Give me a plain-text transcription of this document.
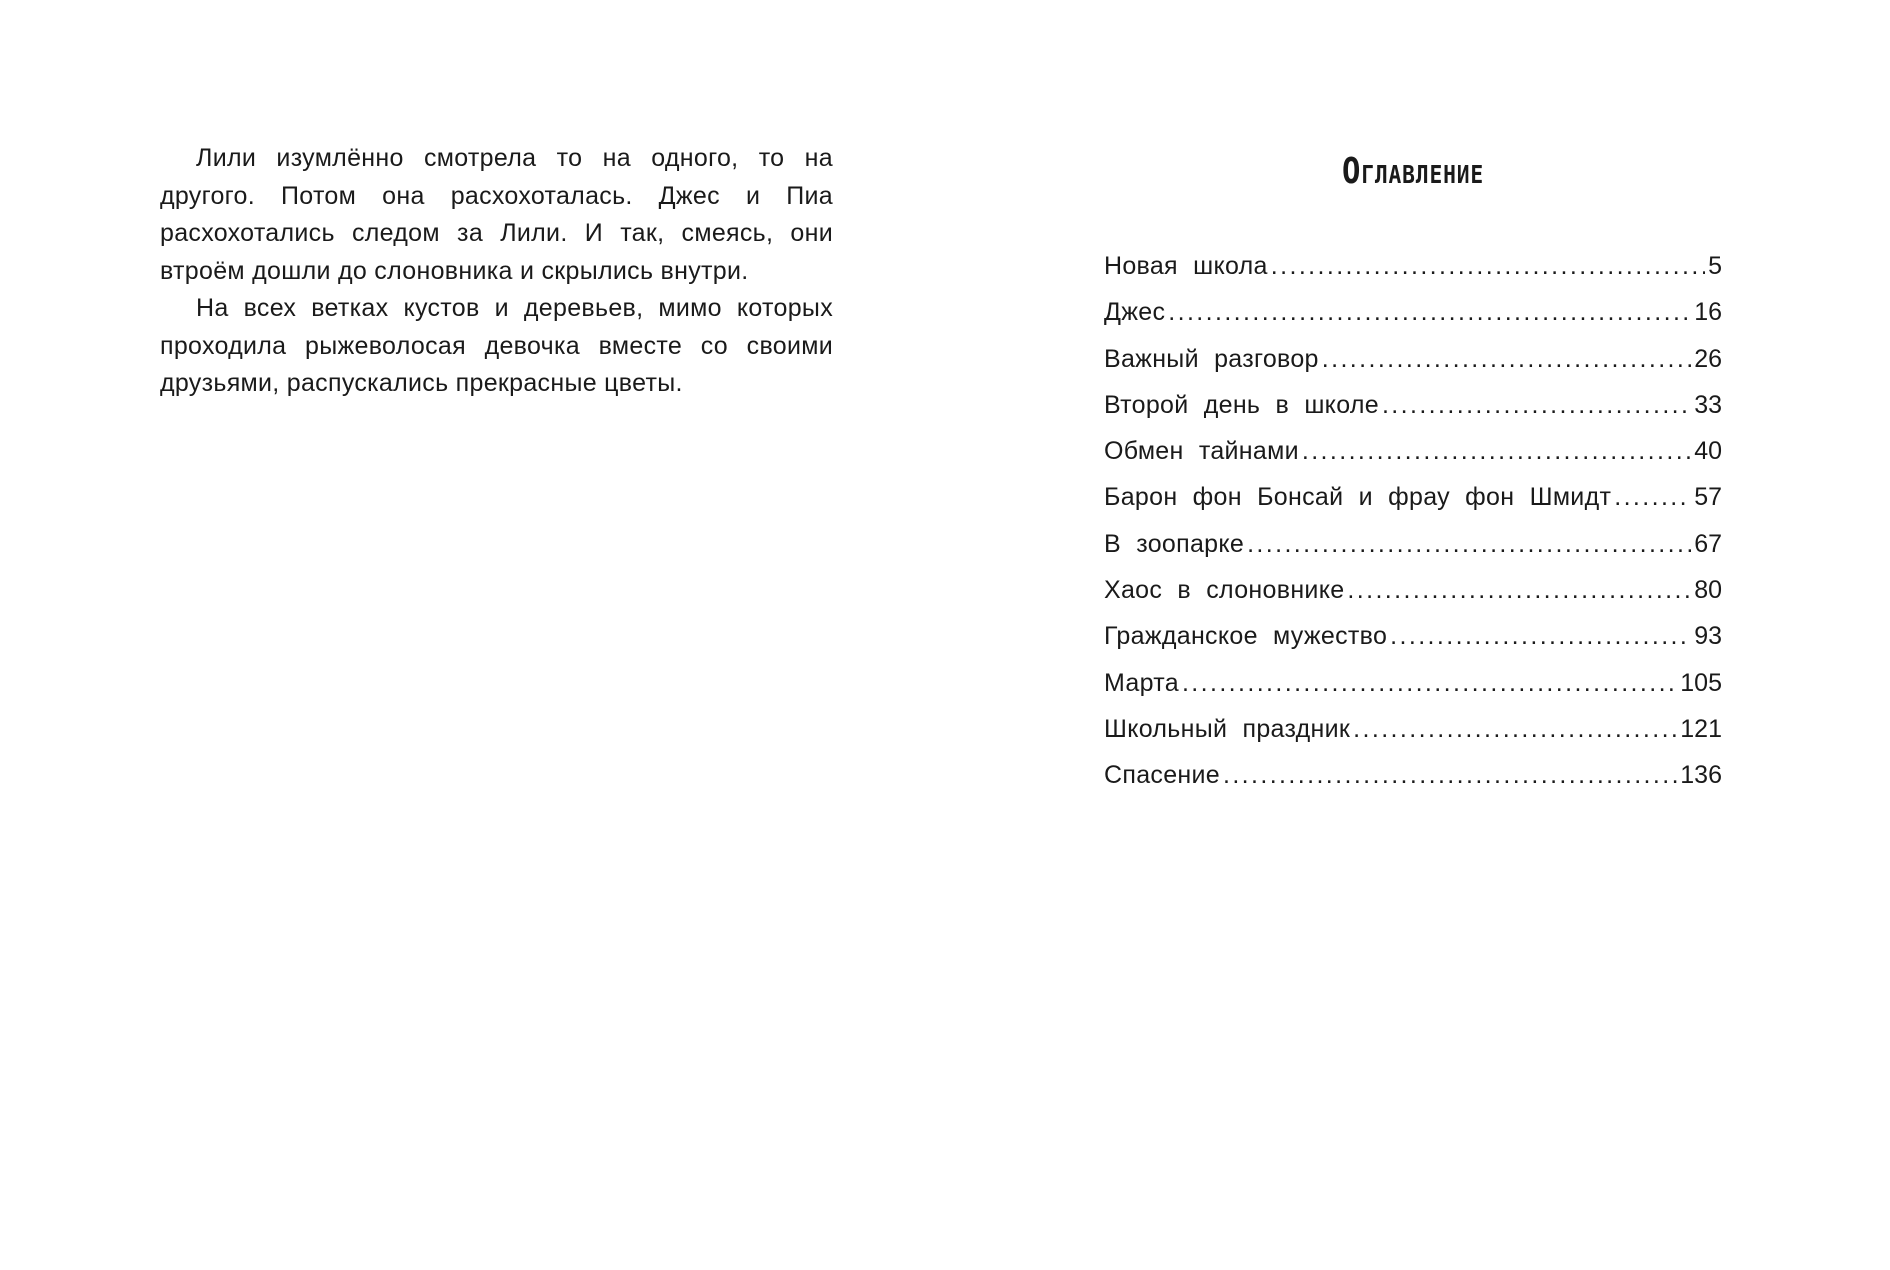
Лили изумлённо смотрела то на одного, то на другого. Потом она расхохоталась. Джес и Пиа расхохотались следом за Лили. И так, смеясь, они втроём дошли до слоновника и скрылись внутри.

На всех ветках кустов и деревьев, мимо которых проходила рыжеволосая девочка вместе со своими друзьями, распускались прекрасные цветы.

Оглавление
Новая школа .....	5
Джес .....	16
Важный разговор .....	26
Второй день в школе .....	33
Обмен тайнами .....	40
Барон фон Бонсай и фрау фон Шмидт .....	57
В зоопарке .....	67
Хаос в слоновнике .....	80
Гражданское мужество .....	93
Марта .....	105
Школьный праздник .....	121
Спасение .....	136
